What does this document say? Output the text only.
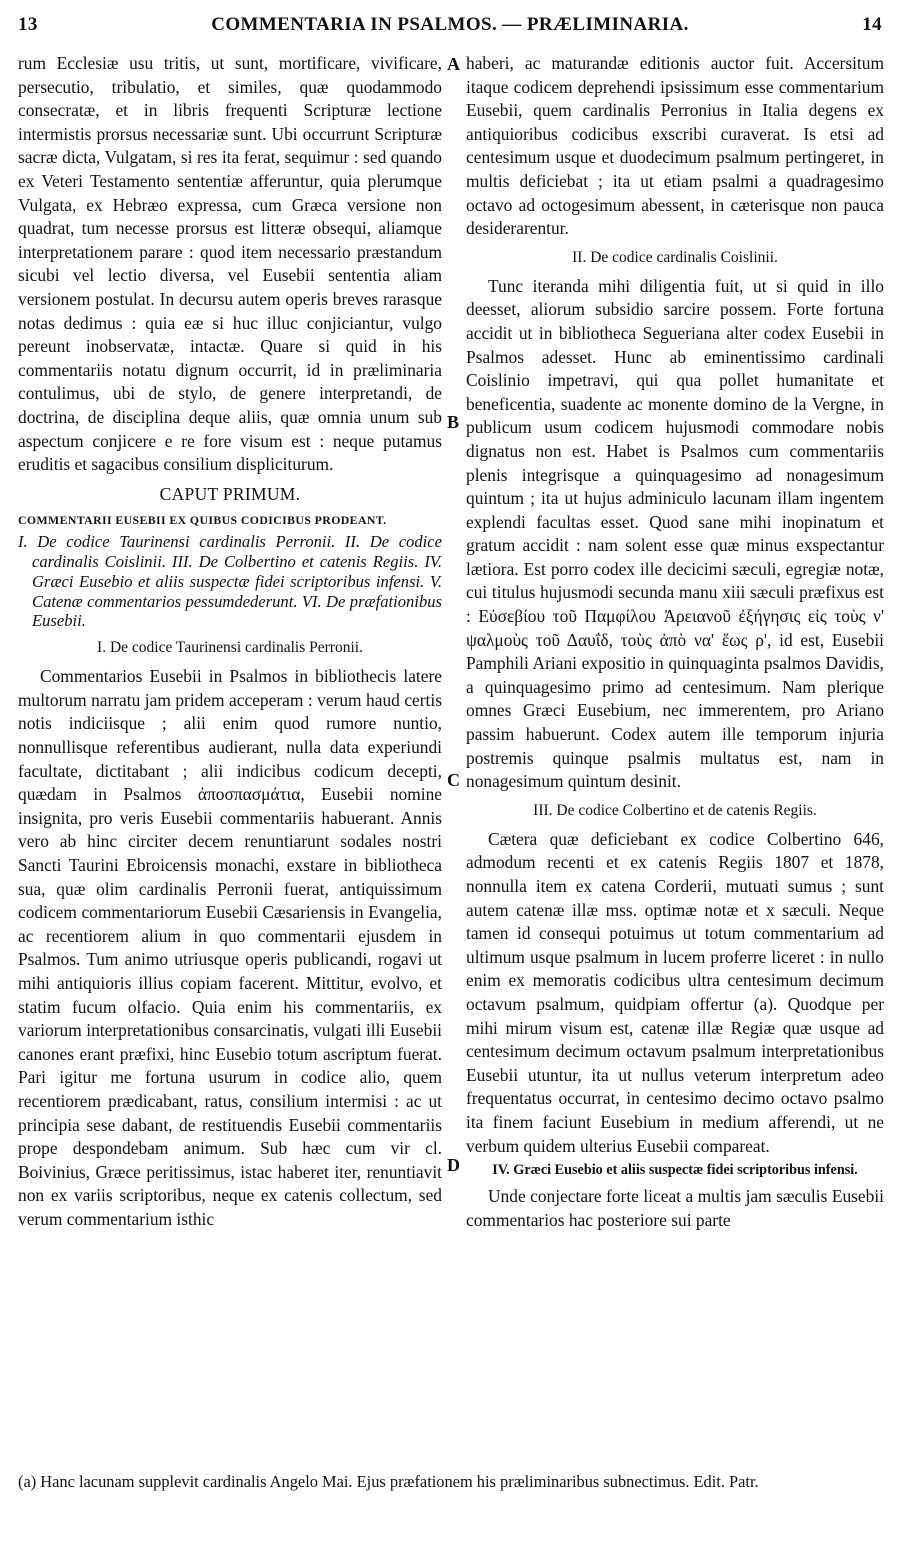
13	COMMENTARIA IN PSALMOS. — PRÆLIMINARIA.	14

rum Ecclesiæ usu tritis, ut sunt, mortificare, vivificare, persecutio, tribulatio, et similes, quæ quodammodo consecratæ, et in libris frequenti Scripturæ lectione intermistis prorsus necessariæ sunt. Ubi occurrunt Scripturæ sacræ dicta, Vulgatam, si res ita ferat, sequimur : sed quando ex Veteri Testamento sententiæ afferuntur, quia plerumque Vulgata, ex Hebræo expressa, cum Græca versione non quadrat, tum necesse prorsus est litteræ obsequi, aliamque interpretationem parare : quod item necessario præstandum sicubi vel lectio diversa, vel Eusebii sententia aliam versionem postulat. In decursu autem operis breves rarasque notas dedimus : quia eæ si huc illuc conjiciantur, vulgo pereunt inobservatæ, intactæ. Quare si quid in his commentariis notatu dignum occurrit, id in præliminaria contulimus, ubi de stylo, de genere interpretandi, de doctrina, de disciplina deque aliis, quæ omnia unum sub aspectum conjicere e re fore visum est : neque putamus eruditis et sagacibus consilium displiciturum.

CAPUT PRIMUM.
COMMENTARII EUSEBII EX QUIBUS CODICIBUS PRODEANT.

I. De codice Taurinensi cardinalis Perronii. II. De codice cardinalis Coislinii. III. De Colbertino et catenis Regiis. IV. Græci Eusebio et aliis suspectæ fidei scriptoribus infensi. V. Catenæ commentarios pessumdederunt. VI. De præfationibus Eusebii.

I. De codice Taurinensi cardinalis Perronii.

Commentarios Eusebii in Psalmos in bibliothecis latere multorum narratu jam pridem acceperam : verum haud certis notis indiciisque ; alii enim quod rumore nuntio, nonnullisque referentibus audierant, nulla data experiundi facultate, dictitabant ; alii indicibus codicum decepti, quædam in Psalmos ἀποσπασμάτια, Eusebii nomine insignita, pro veris Eusebii commentariis habuerant. Annis vero ab hinc circiter decem renuntiarunt sodales nostri Sancti Taurini Ebroicensis monachi, exstare in bibliotheca sua, quæ olim cardinalis Perronii fuerat, antiquissimum codicem commentariorum Eusebii Cæsariensis in Evangelia, ac recentiorem alium in quo commentarii ejusdem in Psalmos. Tum animo utriusque operis publicandi, rogavi ut mihi antiquioris illius copiam facerent. Mittitur, evolvo, et statim fucum olfacio. Quia enim his commentariis, ex variorum interpretationibus consarcinatis, vulgati illi Eusebii canones erant præfixi, hinc Eusebio totum ascriptum fuerat. Pari igitur me fortuna usurum in codice alio, quem recentiorem prædicabant, ratus, consilium intermisi : ac ut principia sese dabant, de restituendis Eusebii commentariis prope despondebam animum. Sub hæc cum vir cl. Boivinius, Græce peritissimus, istac haberet iter, renuntiavit non ex variis scriptoribus, neque ex catenis collectum, sed verum commentarium isthic

A
B
C
D

haberi, ac maturandæ editionis auctor fuit. Accersitum itaque codicem deprehendi ipsissimum esse commentarium Eusebii, quem cardinalis Perronius in Italia degens ex antiquioribus codicibus exscribi curaverat. Is etsi ad centesimum usque et duodecimum psalmum pertingeret, in multis deficiebat ; ita ut etiam psalmi a quadragesimo octavo ad octogesimum abessent, in cæterisque non pauca desiderarentur.

II. De codice cardinalis Coislinii.

Tunc iteranda mihi diligentia fuit, ut si quid in illo deesset, aliorum subsidio sarcire possem. Forte fortuna accidit ut in bibliotheca Segueriana alter codex Eusebii in Psalmos adesset. Hunc ab eminentissimo cardinali Coislinio impetravi, qui qua pollet humanitate et beneficentia, suadente ac monente domino de la Vergne, in publicum usum codicem hujusmodi commodare nobis dignatus non est. Habet is Psalmos cum commentariis plenis integrisque a quinquagesimo ad nonagesimum quintum ; ita ut hujus adminiculo lacunam illam ingentem explendi facultas esset. Quod sane mihi inopinatum et gratum accidit : nam solent esse quæ minus exspectantur lætiora. Est porro codex ille decicimi sæculi, egregiæ notæ, cui titulus hujusmodi secunda manu xiii sæculi præfixus est : Εὐσεβίου τοῦ Παμφίλου Ἀρειανοῦ ἐξήγησις εἰς τοὺς ν' ψαλμοὺς τοῦ Δαυΐδ, τοὺς ἀπὸ να' ἕως ρ', id est, Eusebii Pamphili Ariani expositio in quinquaginta psalmos Davidis, a quinquagesimo primo ad centesimum. Nam plerique omnes Græci Eusebium, nec immerentem, pro Ariano passim habuerunt. Codex autem ille temporum injuria postremis quinque psalmis multatus est, nam in nonagesimum quintum desinit.

III. De codice Colbertino et de catenis Regiis.

Cætera quæ deficiebant ex codice Colbertino 646, admodum recenti et ex catenis Regiis 1807 et 1878, nonnulla item ex catena Corderii, mutuati sumus ; sunt autem catenæ illæ mss. optimæ notæ et x sæculi. Neque tamen id consequi potuimus ut totum commentarium ad ultimum usque psalmum in lucem proferre liceret : in nullo enim ex memoratis codicibus ultra centesimum decimum octavum psalmum, quidpiam offertur (a). Quodque per mihi mirum visum est, catenæ illæ Regiæ quæ usque ad centesimum decimum octavum psalmum interpretationibus Eusebii utuntur, ita ut nullus veterum interpretum adeo frequentatus occurrat, in centesimo decimo octavo psalmo ita finem faciunt Eusebium in medium afferendi, ut ne verbum quidem ulterius Eusebii compareat.

IV. Græci Eusebio et aliis suspectæ fidei scriptoribus infensi.

Unde conjectare forte liceat a multis jam sæculis Eusebii commentarios hac posteriore sui parte

(a) Hanc lacunam supplevit cardinalis Angelo Mai. Ejus præfationem his præliminaribus subnectimus. Edit. Patr.
